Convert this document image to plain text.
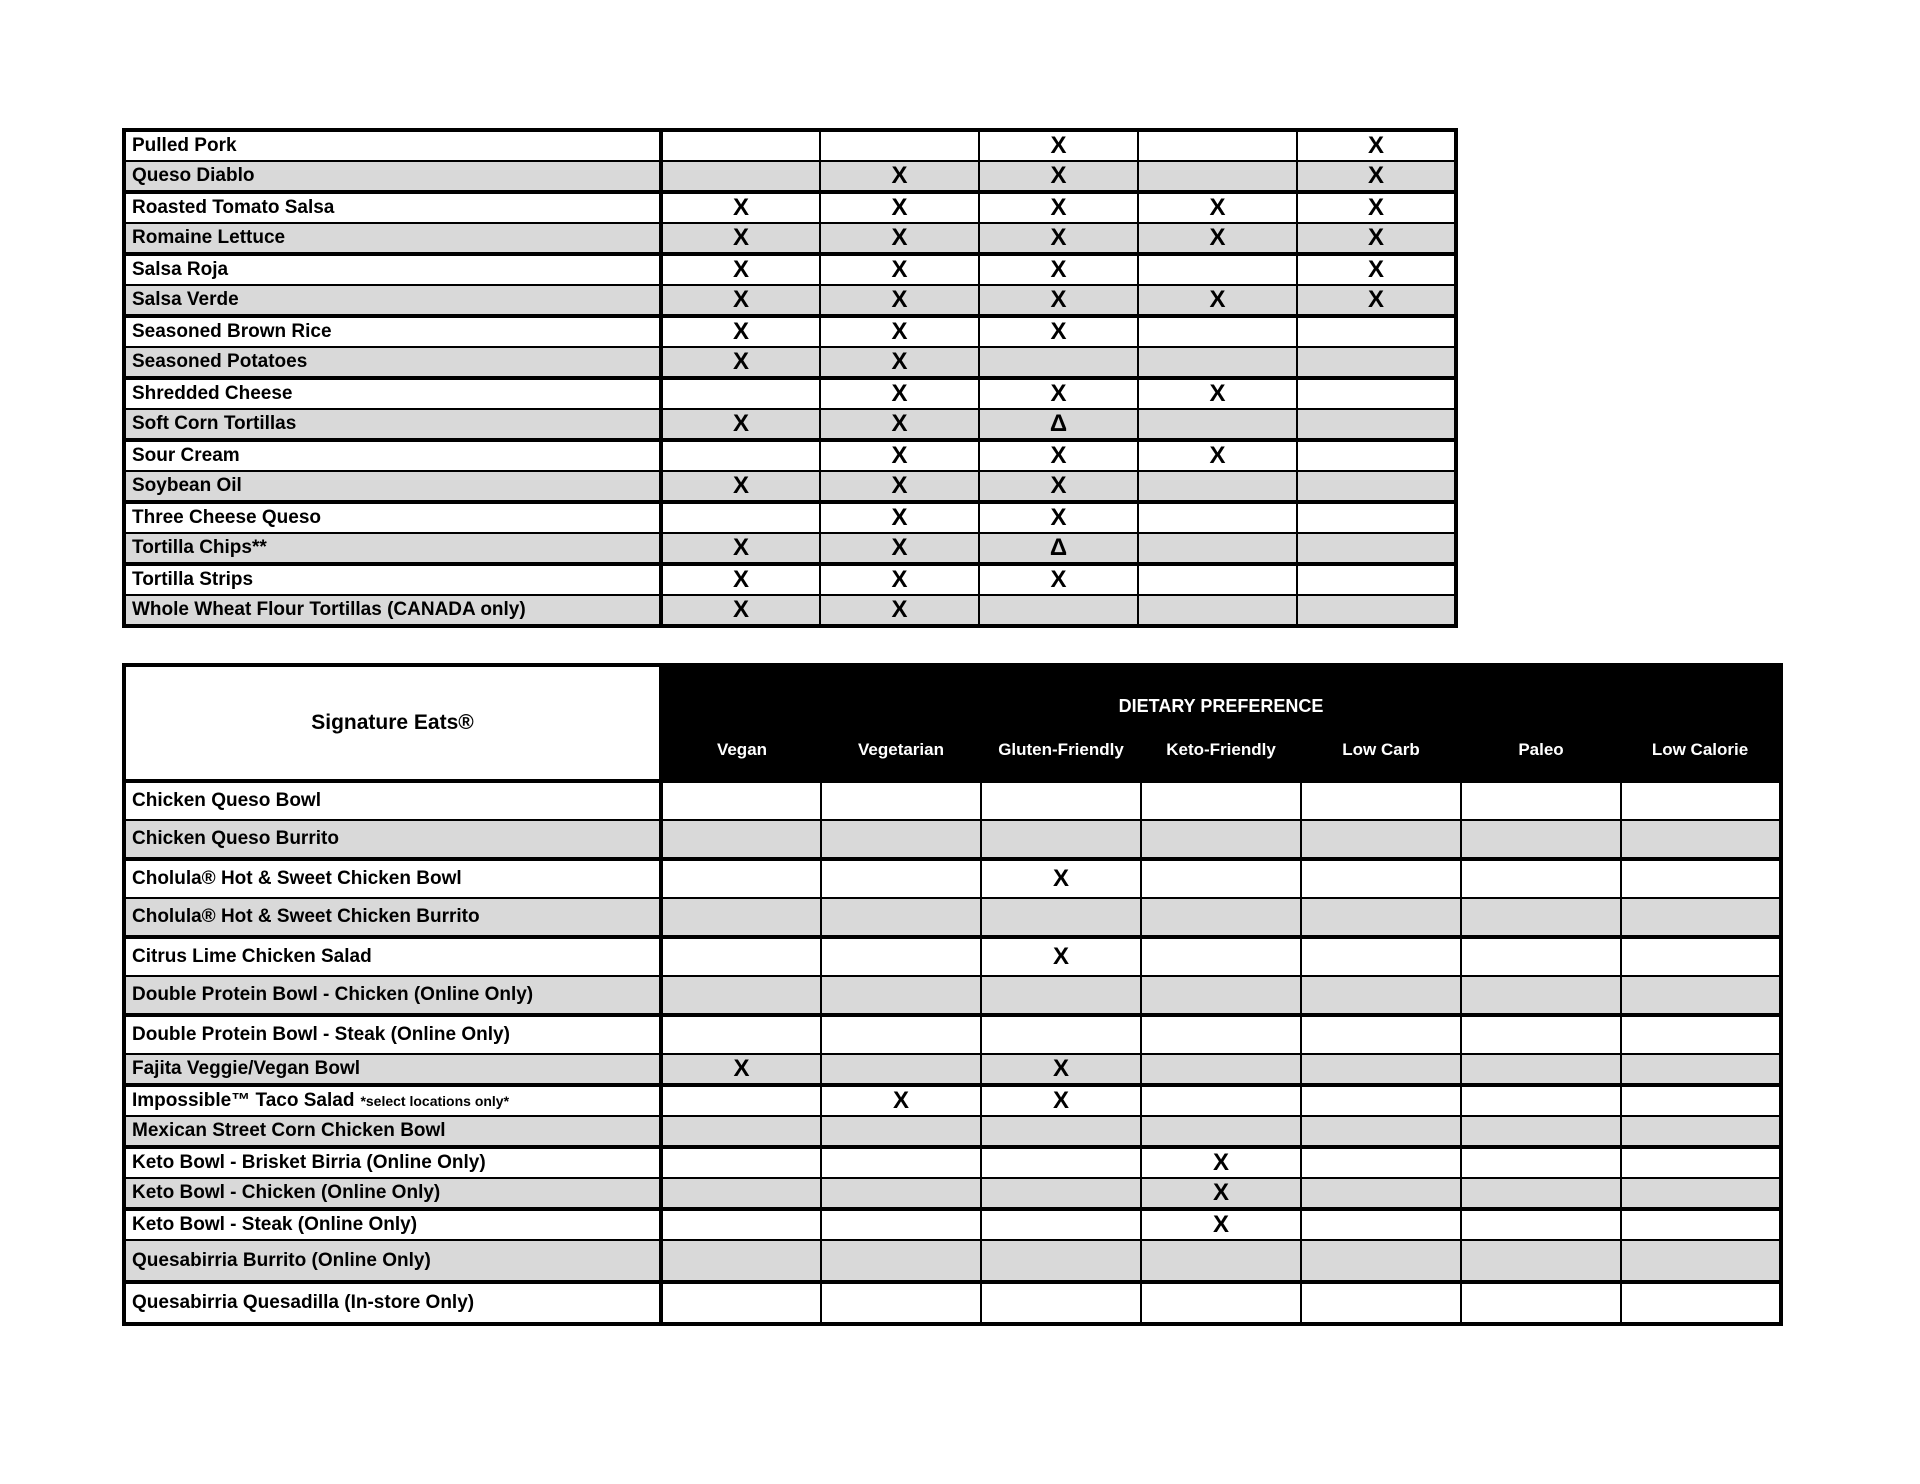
Pulled Pork			X		X
Queso Diablo		X	X		X
Roasted Tomato Salsa	X	X	X	X	X
Romaine Lettuce	X	X	X	X	X
Salsa Roja	X	X	X		X
Salsa Verde	X	X	X	X	X
Seasoned Brown Rice	X	X	X		
Seasoned Potatoes	X	X			
Shredded Cheese		X	X	X	
Soft Corn Tortillas	X	X	Δ		
Sour Cream		X	X	X	
Soybean Oil	X	X	X		
Three Cheese Queso		X	X		
Tortilla Chips**	X	X	Δ		
Tortilla Strips	X	X	X		
Whole Wheat Flour Tortillas (CANADA only)	X	X			
Signature Eats®	DIETARY PREFERENCE						
	Vegan	Vegetarian	Gluten-Friendly	Keto-Friendly	Low Carb	Paleo	Low Calorie
Chicken Queso Bowl							
Chicken Queso Burrito							
Cholula® Hot & Sweet Chicken Bowl			X				
Cholula® Hot & Sweet Chicken Burrito							
Citrus Lime Chicken Salad			X				
Double Protein Bowl - Chicken (Online Only)							
Double Protein Bowl - Steak (Online Only)							
Fajita Veggie/Vegan Bowl	X		X				
Impossible™ Taco Salad *select locations only*		X	X				
Mexican Street Corn Chicken Bowl							
Keto Bowl - Brisket Birria (Online Only)				X			
Keto Bowl - Chicken (Online Only)				X			
Keto Bowl - Steak (Online Only)				X			
Quesabirria Burrito (Online Only)							
Quesabirria Quesadilla (In-store Only)							
